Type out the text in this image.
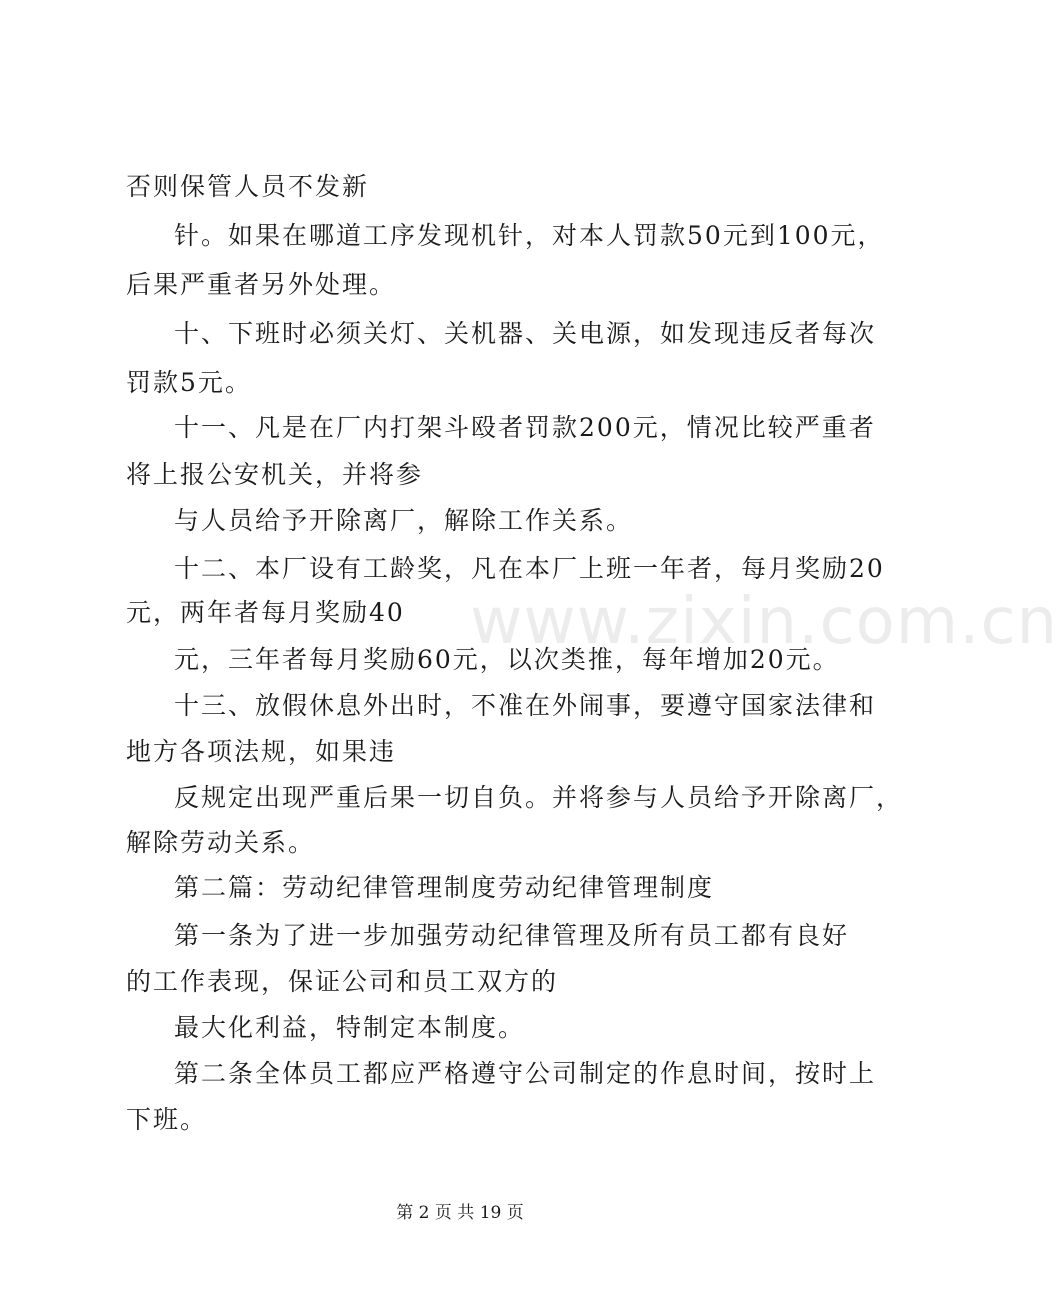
www.zixin.com.cn
否则保管人员不发新
针。如果在哪道工序发现机针，对本人罚款50元到100元，
后果严重者另外处理。
十、下班时必须关灯、关机器、关电源，如发现违反者每次
罚款5元。
十一、凡是在厂内打架斗殴者罚款200元，情况比较严重者
将上报公安机关，并将参
与人员给予开除离厂，解除工作关系。
十二、本厂设有工龄奖，凡在本厂上班一年者，每月奖励20
元，两年者每月奖励40
元，三年者每月奖励60元，以次类推，每年增加20元。
十三、放假休息外出时，不准在外闹事，要遵守国家法律和
地方各项法规，如果违
反规定出现严重后果一切自负。并将参与人员给予开除离厂，
解除劳动关系。
第二篇：劳动纪律管理制度劳动纪律管理制度
第一条为了进一步加强劳动纪律管理及所有员工都有良好
的工作表现，保证公司和员工双方的
最大化利益，特制定本制度。
第二条全体员工都应严格遵守公司制定的作息时间，按时上
下班。
第 2 页 共 19 页
